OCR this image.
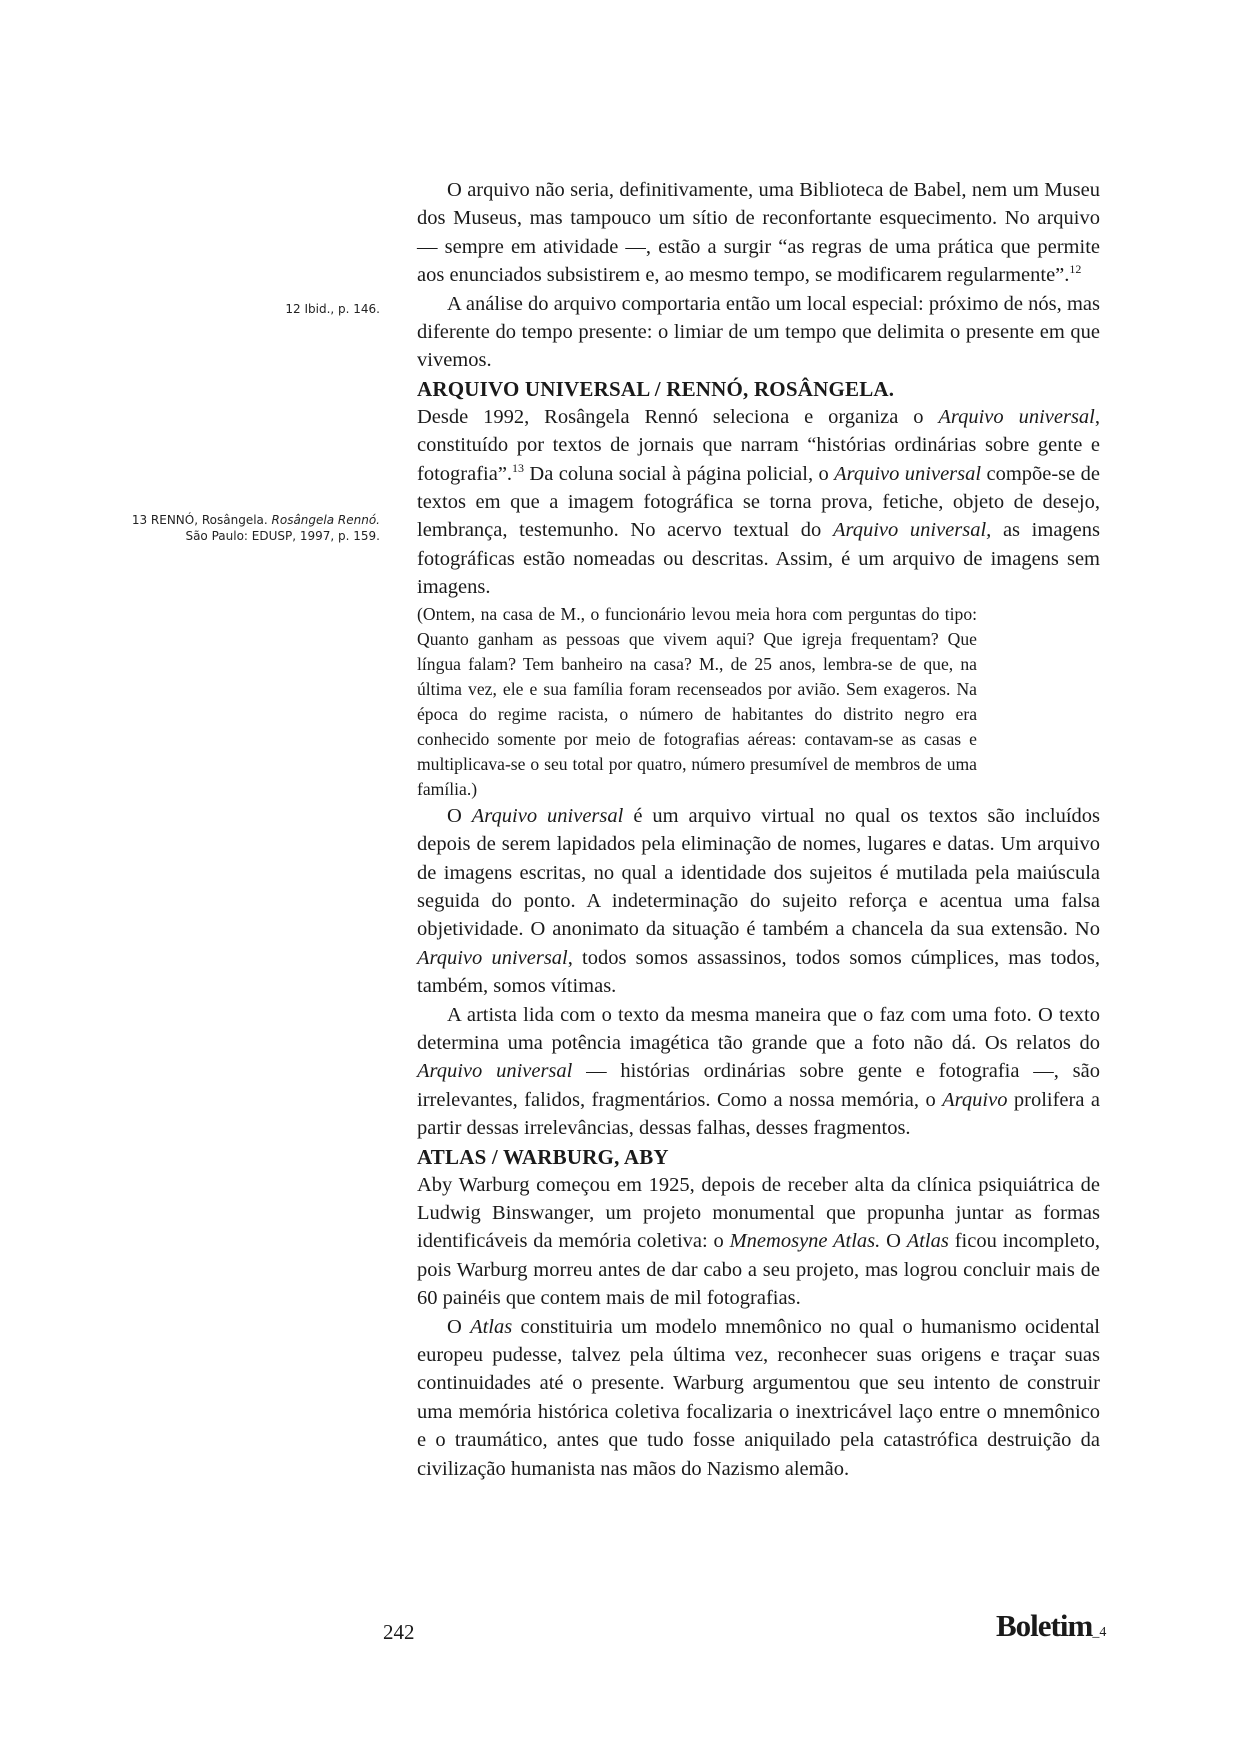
12 Ibid., p. 146.
13 RENNÓ, Rosângela. Rosângela Rennó. São Paulo: EDUSP, 1997, p. 159.

O arquivo não seria, definitivamente, uma Biblioteca de Babel, nem um Museu dos Museus, mas tampouco um sítio de reconfortante esquecimento. No arquivo — sempre em atividade —, estão a surgir “as regras de uma prática que permite aos enunciados subsistirem e, ao mesmo tempo, se modificarem regularmente”.$^{12}$

A análise do arquivo comportaria então um local especial: próximo de nós, mas diferente do tempo presente: o limiar de um tempo que delimita o presente em que vivemos.

ARQUIVO UNIVERSAL / RENNÓ, ROSÂNGELA.

Desde 1992, Rosângela Rennó seleciona e organiza o Arquivo universal, constituído por textos de jornais que narram “histórias ordinárias sobre gente e fotografia”.$^{13}$ Da coluna social à página policial, o Arquivo universal compõe-se de textos em que a imagem fotográfica se torna prova, fetiche, objeto de desejo, lembrança, testemunho. No acervo textual do Arquivo universal, as imagens fotográficas estão nomeadas ou descritas. Assim, é um arquivo de imagens sem imagens.

(Ontem, na casa de M., o funcionário levou meia hora com perguntas do tipo: Quanto ganham as pessoas que vivem aqui? Que igreja frequentam? Que língua falam? Tem banheiro na casa? M., de 25 anos, lembra-se de que, na última vez, ele e sua família foram recenseados por avião. Sem exageros. Na época do regime racista, o número de habitantes do distrito negro era conhecido somente por meio de fotografias aéreas: contavam-se as casas e multiplicava-se o seu total por quatro, número presumível de membros de uma família.)

O Arquivo universal é um arquivo virtual no qual os textos são incluídos depois de serem lapidados pela eliminação de nomes, lugares e datas. Um arquivo de imagens escritas, no qual a identidade dos sujeitos é mutilada pela maiúscula seguida do ponto. A indeterminação do sujeito reforça e acentua uma falsa objetividade. O anonimato da situação é também a chancela da sua extensão. No Arquivo universal, todos somos assassinos, todos somos cúmplices, mas todos, também, somos vítimas.

A artista lida com o texto da mesma maneira que o faz com uma foto. O texto determina uma potência imagética tão grande que a foto não dá. Os relatos do Arquivo universal — histórias ordinárias sobre gente e fotografia —, são irrelevantes, falidos, fragmentários. Como a nossa memória, o Arquivo prolifera a partir dessas irrelevâncias, dessas falhas, desses fragmentos.

ATLAS / WARBURG, ABY

Aby Warburg começou em 1925, depois de receber alta da clínica psiquiátrica de Ludwig Binswanger, um projeto monumental que propunha juntar as formas identificáveis da memória coletiva: o Mnemosyne Atlas. O Atlas ficou incompleto, pois Warburg morreu antes de dar cabo a seu projeto, mas logrou concluir mais de 60 painéis que contem mais de mil fotografias.

O Atlas constituiria um modelo mnemônico no qual o humanismo ocidental europeu pudesse, talvez pela última vez, reconhecer suas origens e traçar suas continuidades até o presente. Warburg argumentou que seu intento de construir uma memória histórica coletiva focalizaria o inextricável laço entre o mnemônico e o traumático, antes que tudo fosse aniquilado pela catastrófica destruição da civilização humanista nas mãos do Nazismo alemão.

242	Boletim_4
